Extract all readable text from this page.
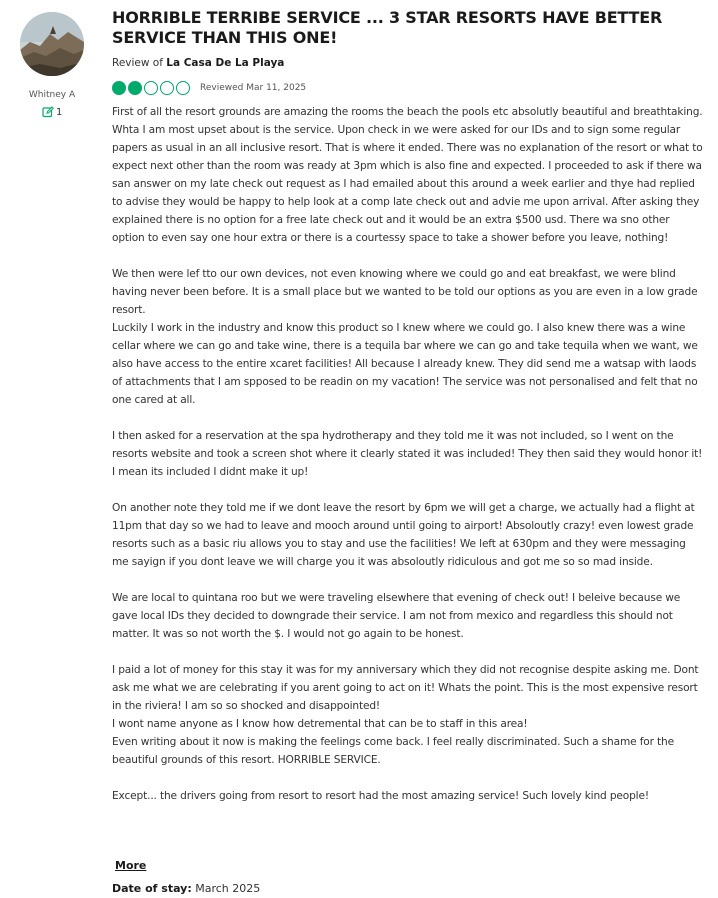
Whitney A
1
HORRIBLE TERRIBE SERVICE ... 3 STAR RESORTS HAVE BETTER SERVICE THAN THIS ONE!
Review of La Casa De La Playa
Reviewed Mar 11, 2025

First of all the resort grounds are amazing the rooms the beach the pools etc absolutly beautiful and breathtaking.

Whta I am most upset about is the service. Upon check in we were asked for our IDs and to sign some regular papers as usual in an all inclusive resort. That is where it ended. There was no explanation of the resort or what to expect next other than the room was ready at 3pm which is also fine and expected. I proceeded to ask if there wa san answer on my late check out request as I had emailed about this around a week earlier and thye had replied to advise they would be happy to help look at a comp late check out and advie me upon arrival. After asking they explained there is no option for a free late check out and it would be an extra $500 usd. There wa sno other option to even say one hour extra or there is a courtessy space to take a shower before you leave, nothing!

We then were lef tto our own devices, not even knowing where we could go and eat breakfast, we were blind having never been before. It is a small place but we wanted to be told our options as you are even in a low grade resort.

Luckily I work in the industry and know this product so I knew where we could go. I also knew there was a wine cellar where we can go and take wine, there is a tequila bar where we can go and take tequila when we want, we also have access to the entire xcaret facilities! All because I already knew. They did send me a watsap with laods of attachments that I am spposed to be readin on my vacation! The service was not personalised and felt that no one cared at all.

I then asked for a reservation at the spa hydrotherapy and they told me it was not included, so I went on the resorts website and took a screen shot where it clearly stated it was included! They then said they would honor it! I mean its included I didnt make it up!

On another note they told me if we dont leave the resort by 6pm we will get a charge, we actually had a flight at 11pm that day so we had to leave and mooch around until going to airport! Absoloutly crazy! even lowest grade resorts such as a basic riu allows you to stay and use the facilities! We left at 630pm and they were messaging me sayign if you dont leave we will charge you it was absoloutly ridiculous and got me so so mad inside.

We are local to quintana roo but we were traveling elsewhere that evening of check out! I beleive because we gave local IDs they decided to downgrade their service. I am not from mexico and regardless this should not matter. It was so not worth the $. I would not go again to be honest.

I paid a lot of money for this stay it was for my anniversary which they did not recognise despite asking me. Dont ask me what we are celebrating if you arent going to act on it! Whats the point. This is the most expensive resort in the riviera! I am so so shocked and disappointed!

I wont name anyone as I know how detremental that can be to staff in this area!

Even writing about it now is making the feelings come back. I feel really discriminated. Such a shame for the beautiful grounds of this resort. HORRIBLE SERVICE.

Except... the drivers going from resort to resort had the most amazing service! Such lovely kind people!

More
Date of stay: March 2025
